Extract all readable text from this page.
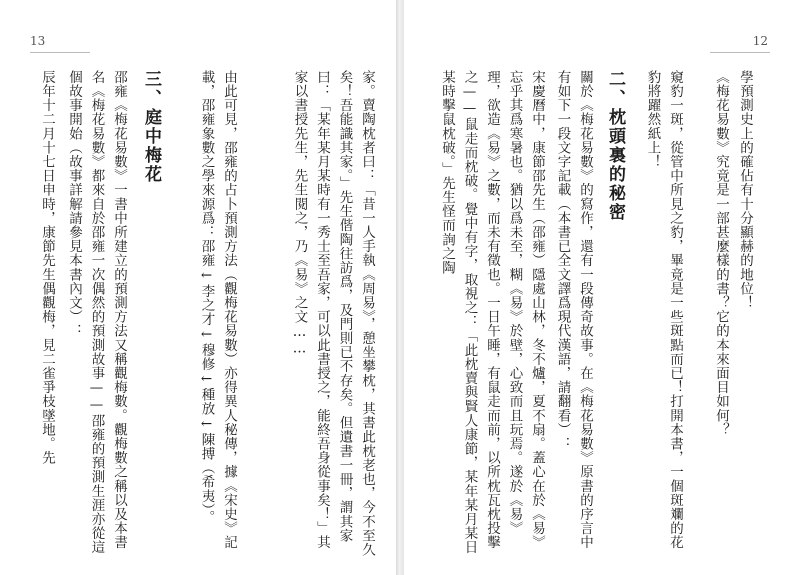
12
學預測史上的確佔有十分顯赫的地位！
《梅花易數》究竟是一部甚麼樣的書？它的本來面目如何？
窺豹一斑，從管中所見之豹，畢竟是一些斑點而已！打開本書，一個斑斕的花豹將躍然紙上！
二、枕頭裏的秘密
關於《梅花易數》的寫作，還有一段傳奇故事。在《梅花易數》原書的序言中有如下一段文字記載（本書已全文譯爲現代漢語，請翻看）：
宋慶曆中，康節邵先生（邵雍）隱處山林，冬不爐，夏不扇。蓋心在於《易》忘乎其爲寒暑也。猶以爲未至，糊《易》於壁，心致而且玩焉。遂於《易》理，欲造《易》之數，而未有徵也。一日午睡，有鼠走而前，以所枕瓦枕投擊之——鼠走而枕破。覺中有字，取視之：「此枕賣與賢人康節，某年某月某日某時擊鼠枕破。」先生怪而詢之陶
13
家。賣陶枕者曰：「昔一人手執《周易》，憩坐攀枕，其書此枕老也，今不至久矣！吾能識其家。」先生偕陶往訪爲，及門則已不存矣。但遺書一冊，謂其家曰：「某年某月某時有一秀士至吾家，可以此書授之，能終吾身從事矣！」其家以書授先生，先生閱之，乃《易》之文……
由此可見，邵雍的占卜預測方法（觀梅花易數）亦得異人秘傳，據《宋史》記載，邵雍象數之學來源爲：邵雍←李之才←穆修←種放←陳搏（希夷）。
三、庭中梅花
邵雍《梅花易數》一書中所建立的預測方法又稱觀梅數。觀梅數之稱以及本書名《梅花易數》都來自於邵雍一次偶然的預測故事——邵雍的預測生涯亦從這個故事開始（故事詳解請參見本書內文）：
辰年十二月十七日申時，康節先生偶觀梅，見二雀爭枝墜地。先
